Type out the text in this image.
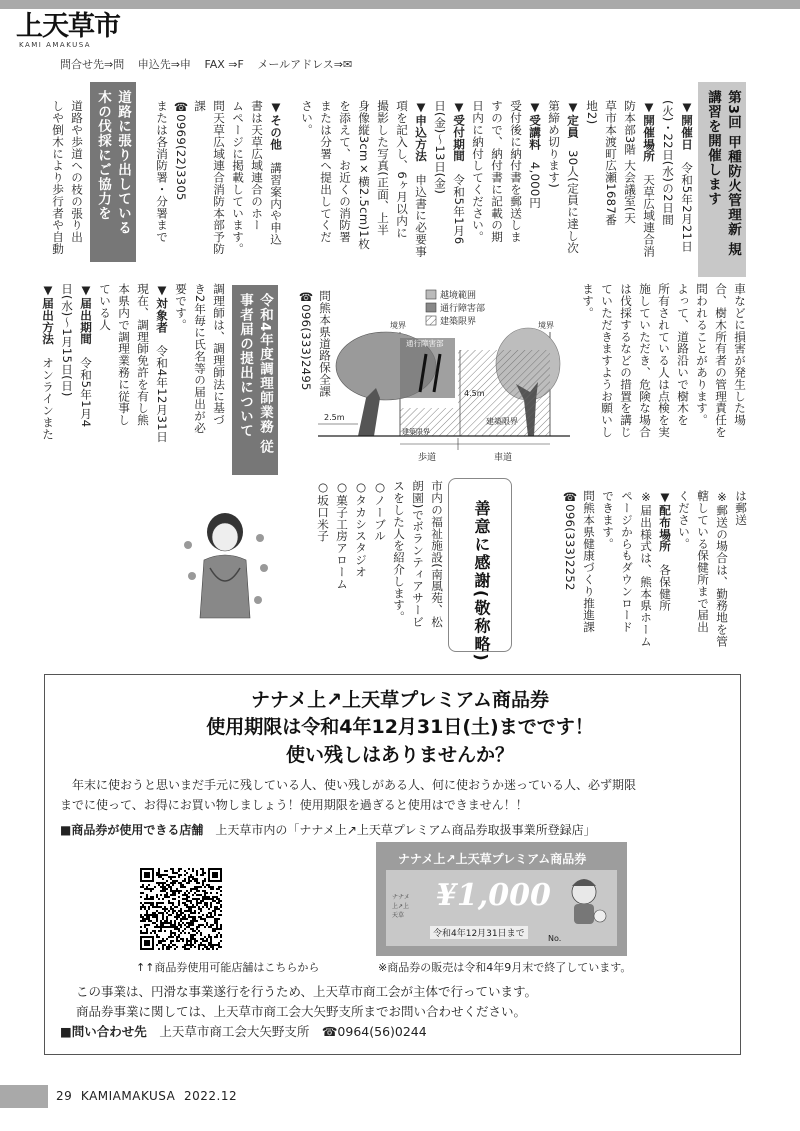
上天草市
KAMI AMAKUSA
問合せ先⇒問 申込先⇒申 FAX ⇒F メールアドレス⇒✉
第3回 甲種防火管理新 規講習を開催します
▼開催日　令和5年2月21日
(火)・22日(水)の2日間
▼開催場所　天草広域連合消
防本部3階 大会議室(天
草市本渡町広瀬1687番
地2)
▼定員　30人(定員に達し次
第締め切ります)
▼受講料　4,000円
受付後に納付書を郵送しま
すので、納付書に記載の期
日内に納付してください。
▼受付期間　令和5年1月6
日(金)〜13日(金)
▼申込方法　申込書に必要事
項を記入し、6ヶ月以内に
撮影した写真(正面、上半
身像縦3cm×横2.5cm)1枚
を添えて、お近くの消防署
または分署へ提出してくだ
さい。
▼その他　講習案内や申込
書は天草広域連合のホー
ムページに掲載しています。
問天草広域連合消防本部予防
課
☎0969(22)3305
または各消防署・分署まで
道路に張り出している 木の伐採にご協力を
道路や歩道への枝の張り出
しや倒木により歩行者や自動
車などに損害が発生した場
合、樹木所有者の管理責任を
問われることがあります。
よって、道路沿いで樹木を
所有されている人は点検を実
施していただき、危険な場合
は伐採するなどの措置を講じ
ていただきますようお願いし
ます。
問熊本県道路保全課
☎096(333)2495	越境範囲
通行障害部
建築限界
境界	境界
通行障害部
4.5m
2.5m
建築限界
建築限界
歩道	車道
令和4年度調理師業務 従事者届の提出について
調理師は、調理師法に基づ
き2年毎に氏名等の届出が必
要です。
▼対象者　令和4年12月31日
現在、調理師免許を有し熊
本県内で調理業務に従事し
ている人
▼届出期間　令和5年1月4
日(水)〜1月15日(日)
▼届出方法　オンラインまた
は郵送
※郵送の場合は、勤務地を管
轄している保健所まで届出
ください。
▼配布場所　各保健所
※届出様式は、熊本県ホーム
ページからもダウンロード
できます。
問熊本県健康づくり推進課
☎096(333)2252
善意に感謝(敬称略)
市内の福祉施設(南風苑、松
朗園)でボランティアサービ
スをした人を紹介します。
○ノーブル
○タカシスタジオ
○菓子工房アローム
○坂口米子
ナナメ上↗上天草プレミアム商品券
使用期限は令和4年12月31日(土)までです！
使い残しはありませんか？
年末に使おうと思いまだ手元に残している人、使い残しがある人、何に使おうか迷っている人、必ず期限
までに使って、お得にお買い物しましょう！使用期限を過ぎると使用はできません！！
■商品券が使用できる店舗　 上天草市内の「ナナメ上↗上天草プレミアム商品券取扱事業所登録店」
↑↑商品券使用可能店舗はこちらから
ナナメ上↗上天草プレミアム商品券
ナナメ上↗上天草
¥1,000
令和4年12月31日まで	No.
※商品券の販売は令和4年9月末で終了しています。
この事業は、円滑な事業遂行を行うため、上天草市商工会が主体で行っています。
商品券事業に関しては、上天草市商工会大矢野支所までお問い合わせください。
■問い合わせ先　 上天草市商工会大矢野支所　 ☎0964(56)0244
29 KAMIAMAKUSA 2022.12
